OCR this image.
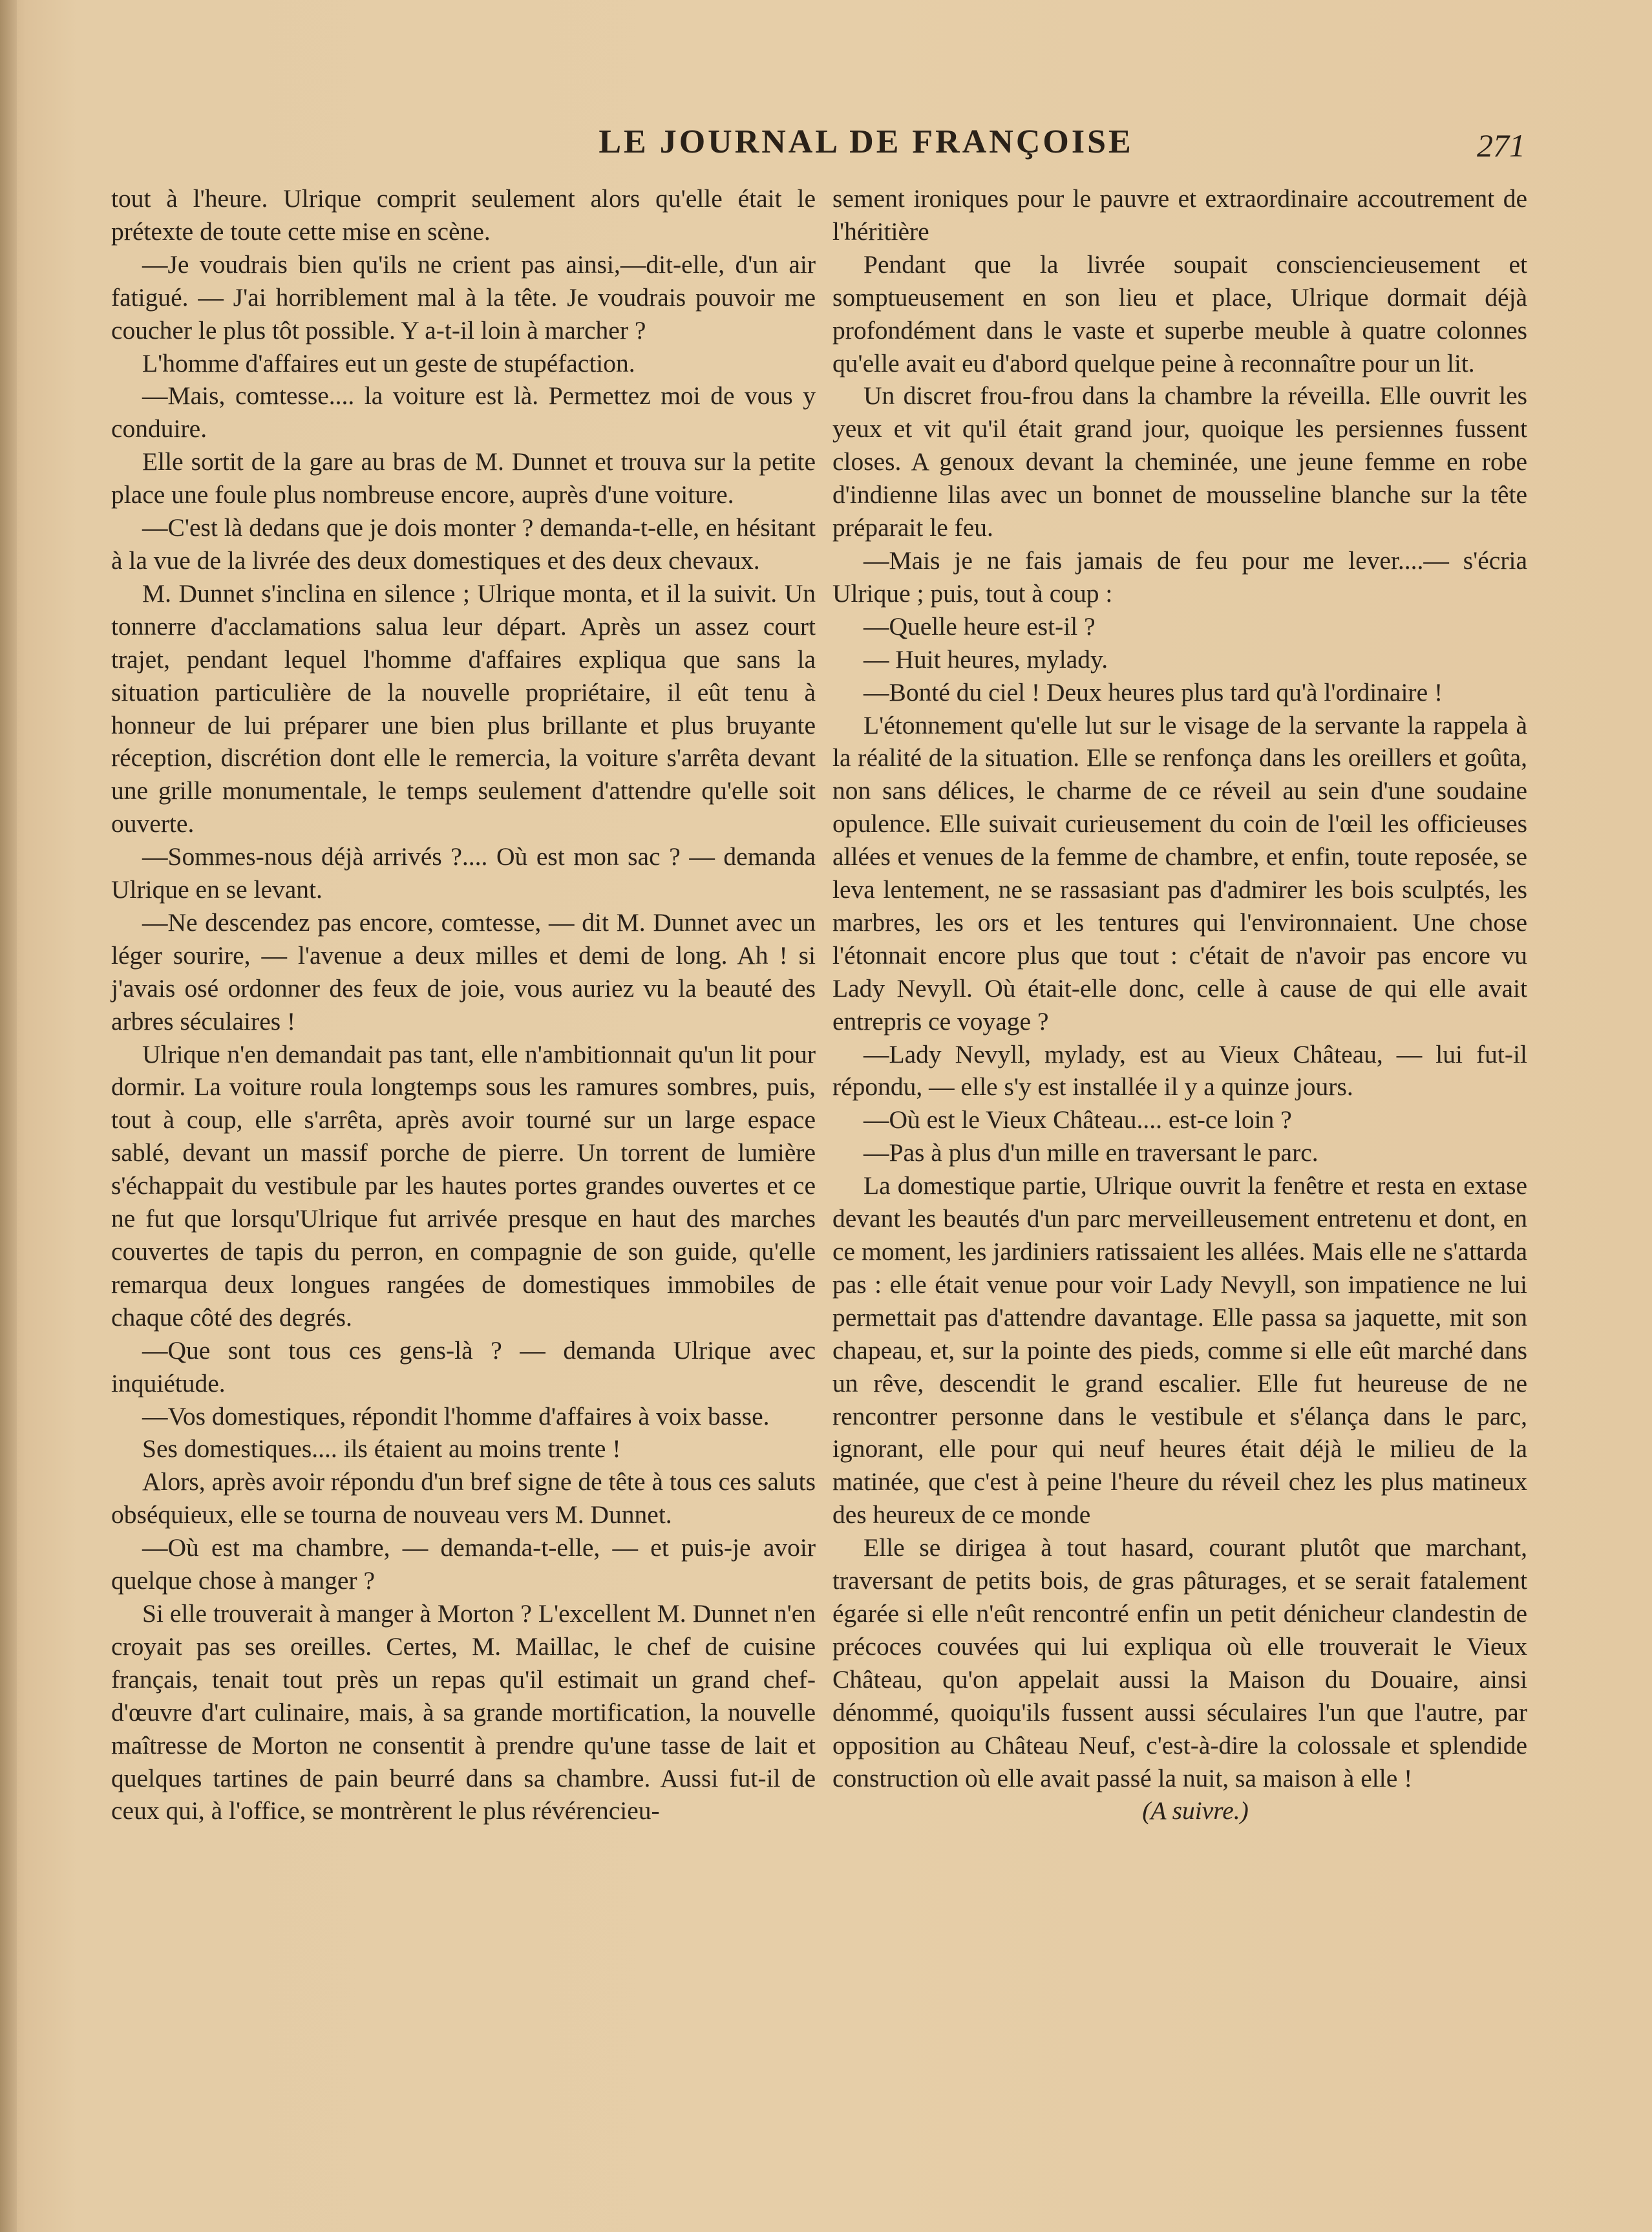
LE JOURNAL DE FRANÇOISE	271

tout à l'heure. Ulrique comprit seulement alors qu'elle était le prétexte de toute cette mise en scène.

—Je voudrais bien qu'ils ne crient pas ainsi,—dit-elle, d'un air fatigué. — J'ai horriblement mal à la tête. Je voudrais pouvoir me coucher le plus tôt possible. Y a-t-il loin à marcher ?

L'homme d'affaires eut un geste de stupéfaction.

—Mais, comtesse.... la voiture est là. Permettez moi de vous y conduire.

Elle sortit de la gare au bras de M. Dunnet et trouva sur la petite place une foule plus nombreuse encore, auprès d'une voiture.

—C'est là dedans que je dois monter ? demanda-t-elle, en hésitant à la vue de la livrée des deux domestiques et des deux chevaux.

M. Dunnet s'inclina en silence ; Ulrique monta, et il la suivit. Un tonnerre d'acclamations salua leur départ. Après un assez court trajet, pendant lequel l'homme d'affaires expliqua que sans la situation particulière de la nouvelle propriétaire, il eût tenu à honneur de lui préparer une bien plus brillante et plus bruyante réception, discrétion dont elle le remercia, la voiture s'arrêta devant une grille monumentale, le temps seulement d'attendre qu'elle soit ouverte.

—Sommes-nous déjà arrivés ?.... Où est mon sac ? — demanda Ulrique en se levant.

—Ne descendez pas encore, comtesse, — dit M. Dunnet avec un léger sourire, — l'avenue a deux milles et demi de long. Ah ! si j'avais osé ordonner des feux de joie, vous auriez vu la beauté des arbres séculaires !

Ulrique n'en demandait pas tant, elle n'ambitionnait qu'un lit pour dormir. La voiture roula longtemps sous les ramures sombres, puis, tout à coup, elle s'arrêta, après avoir tourné sur un large espace sablé, devant un massif porche de pierre. Un torrent de lumière s'échappait du vestibule par les hautes portes grandes ouvertes et ce ne fut que lorsqu'Ulrique fut arrivée presque en haut des marches couvertes de tapis du perron, en compagnie de son guide, qu'elle remarqua deux longues rangées de domestiques immobiles de chaque côté des degrés.

—Que sont tous ces gens-là ? — demanda Ulrique avec inquiétude.

—Vos domestiques, répondit l'homme d'affaires à voix basse.

Ses domestiques.... ils étaient au moins trente !

Alors, après avoir répondu d'un bref signe de tête à tous ces saluts obséquieux, elle se tourna de nouveau vers M. Dunnet.

—Où est ma chambre, — demanda-t-elle, — et puis-je avoir quelque chose à manger ?

Si elle trouverait à manger à Morton ? L'excellent M. Dunnet n'en croyait pas ses oreilles. Certes, M. Maillac, le chef de cuisine français, tenait tout près un repas qu'il estimait un grand chef-d'œuvre d'art culinaire, mais, à sa grande mortification, la nouvelle maîtresse de Morton ne consentit à prendre qu'une tasse de lait et quelques tartines de pain beurré dans sa chambre. Aussi fut-il de ceux qui, à l'office, se montrèrent le plus révérencieu-

sement ironiques pour le pauvre et extraordinaire accoutrement de l'héritière

Pendant que la livrée soupait consciencieusement et somptueusement en son lieu et place, Ulrique dormait déjà profondément dans le vaste et superbe meuble à quatre colonnes qu'elle avait eu d'abord quelque peine à reconnaître pour un lit.

Un discret frou-frou dans la chambre la réveilla. Elle ouvrit les yeux et vit qu'il était grand jour, quoique les persiennes fussent closes. A genoux devant la cheminée, une jeune femme en robe d'indienne lilas avec un bonnet de mousseline blanche sur la tête préparait le feu.

—Mais je ne fais jamais de feu pour me lever....— s'écria Ulrique ; puis, tout à coup :

—Quelle heure est-il ?

— Huit heures, mylady.

—Bonté du ciel ! Deux heures plus tard qu'à l'ordinaire !

L'étonnement qu'elle lut sur le visage de la servante la rappela à la réalité de la situation. Elle se renfonça dans les oreillers et goûta, non sans délices, le charme de ce réveil au sein d'une soudaine opulence. Elle suivait curieusement du coin de l'œil les officieuses allées et venues de la femme de chambre, et enfin, toute reposée, se leva lentement, ne se rassasiant pas d'admirer les bois sculptés, les marbres, les ors et les tentures qui l'environnaient. Une chose l'étonnait encore plus que tout : c'était de n'avoir pas encore vu Lady Nevyll. Où était-elle donc, celle à cause de qui elle avait entrepris ce voyage ?

—Lady Nevyll, mylady, est au Vieux Château, — lui fut-il répondu, — elle s'y est installée il y a quinze jours.

—Où est le Vieux Château.... est-ce loin ?

—Pas à plus d'un mille en traversant le parc.

La domestique partie, Ulrique ouvrit la fenêtre et resta en extase devant les beautés d'un parc merveilleusement entretenu et dont, en ce moment, les jardiniers ratissaient les allées. Mais elle ne s'attarda pas : elle était venue pour voir Lady Nevyll, son impatience ne lui permettait pas d'attendre davantage. Elle passa sa jaquette, mit son chapeau, et, sur la pointe des pieds, comme si elle eût marché dans un rêve, descendit le grand escalier. Elle fut heureuse de ne rencontrer personne dans le vestibule et s'élança dans le parc, ignorant, elle pour qui neuf heures était déjà le milieu de la matinée, que c'est à peine l'heure du réveil chez les plus matineux des heureux de ce monde

Elle se dirigea à tout hasard, courant plutôt que marchant, traversant de petits bois, de gras pâturages, et se serait fatalement égarée si elle n'eût rencontré enfin un petit dénicheur clandestin de précoces couvées qui lui expliqua où elle trouverait le Vieux Château, qu'on appelait aussi la Maison du Douaire, ainsi dénommé, quoiqu'ils fussent aussi séculaires l'un que l'autre, par opposition au Château Neuf, c'est-à-dire la colossale et splendide construction où elle avait passé la nuit, sa maison à elle !

(A suivre.)
